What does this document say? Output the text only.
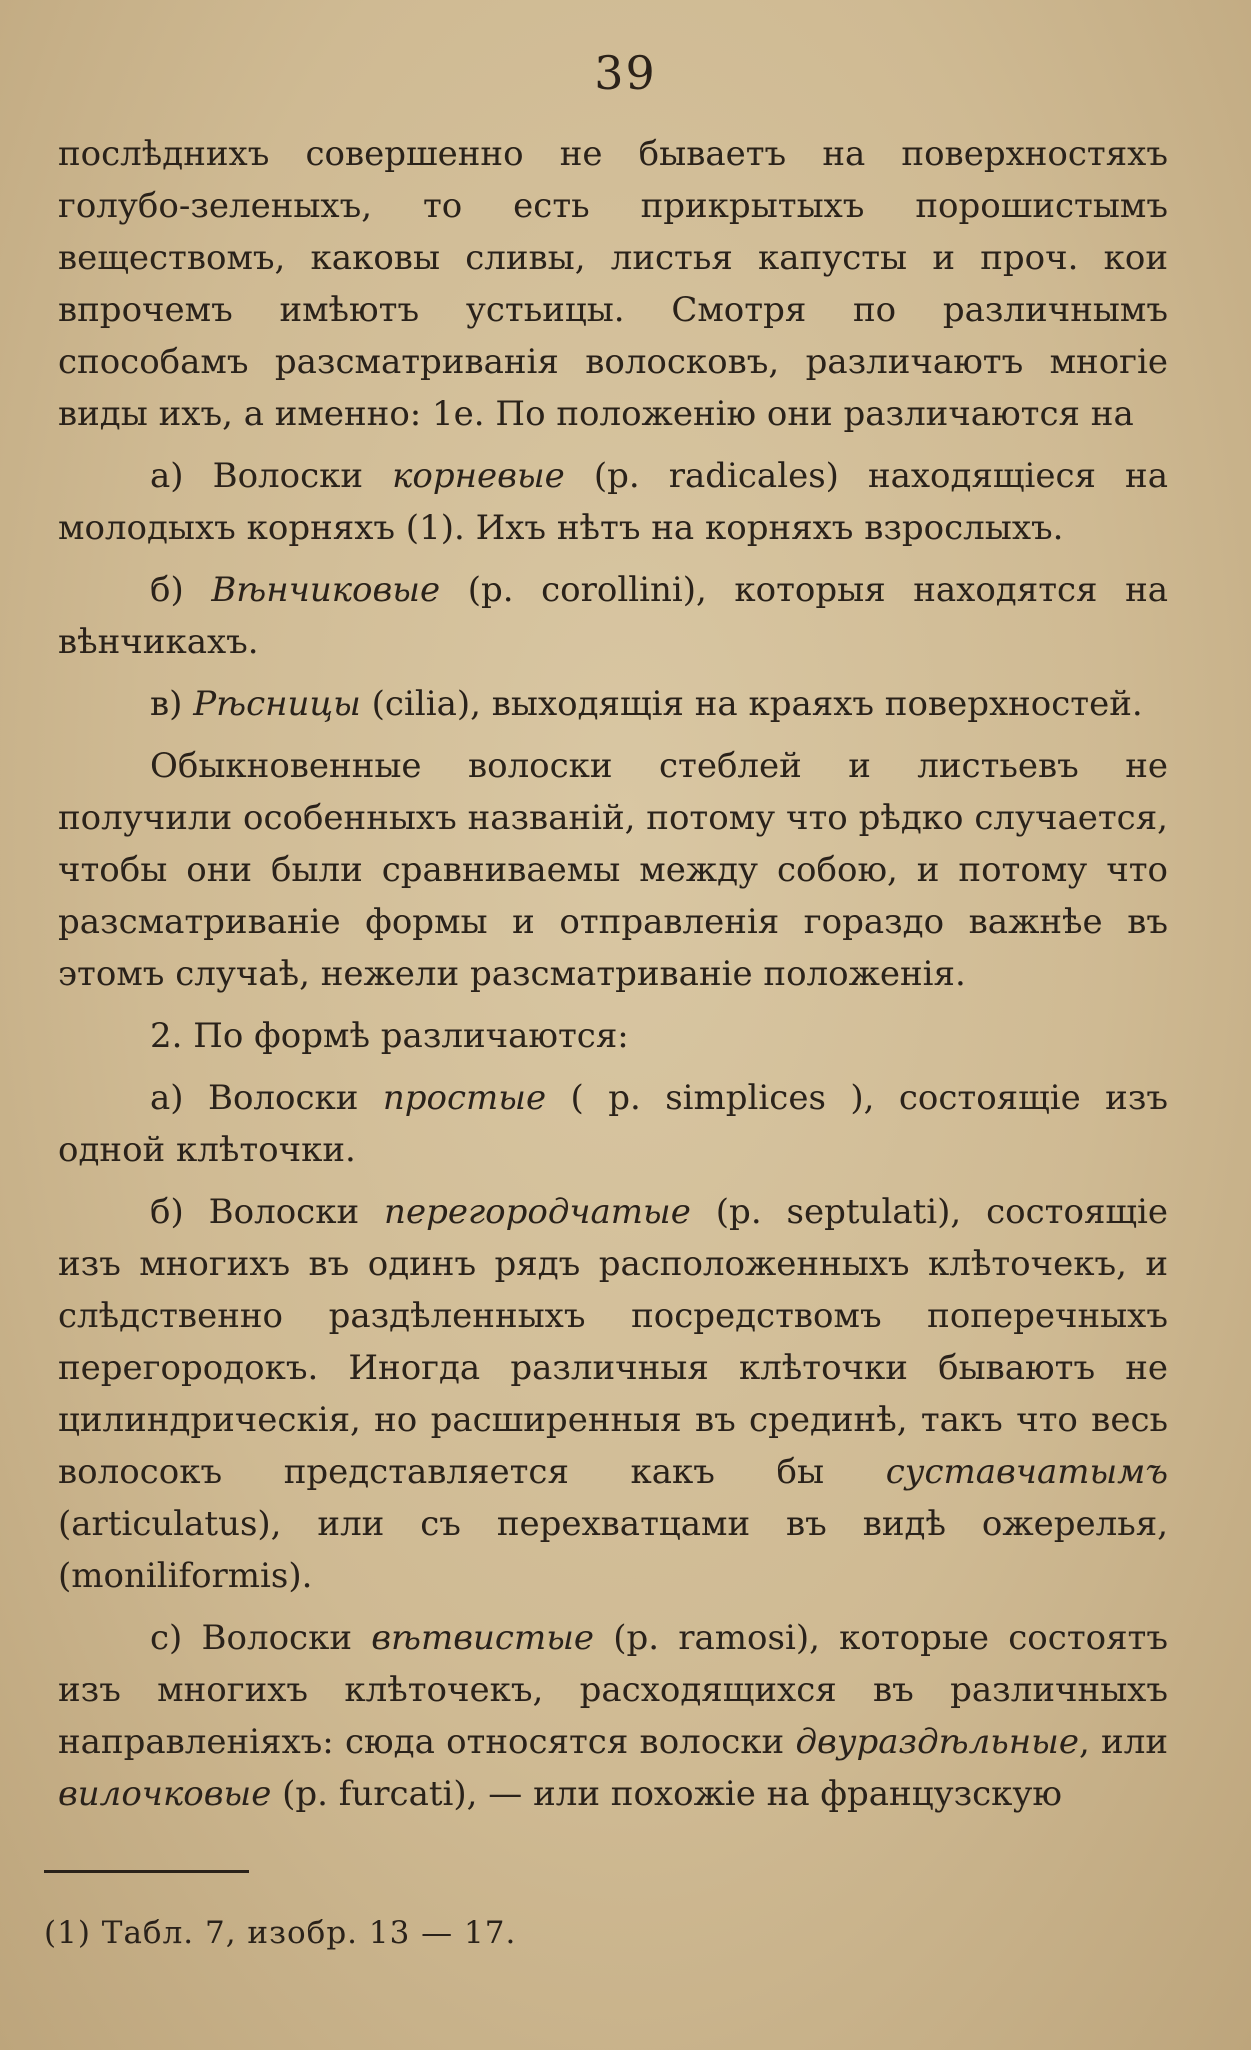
39

послѣднихъ совершенно не бываетъ на поверхностяхъ голубо-зеленыхъ, то есть прикрытыхъ порошистымъ веществомъ, каковы сливы, листья капусты и проч. кои впрочемъ имѣютъ устьицы. Смотря по различнымъ способамъ разсматриванія волосковъ, различаютъ многіе виды ихъ, а именно: 1е. По положенію они различаются на

а) Волоски корневые (p. radicales) находящіеся на молодыхъ корняхъ (1). Ихъ нѣтъ на корняхъ взрослыхъ.

б) Вѣнчиковые (p. corollini), которыя находятся на вѣнчикахъ.

в) Рѣсницы (cilia), выходящія на краяхъ поверхностей.

Обыкновенные волоски стеблей и листьевъ не получили особенныхъ названій, потому что рѣдко случается, чтобы они были сравниваемы между собою, и потому что разсматриваніе формы и отправленія гораздо важнѣе въ этомъ случаѣ, нежели разсматриваніе положенія.

2. По формѣ различаются:

а) Волоски простые ( p. simplices ), состоящіе изъ одной клѣточки.

б) Волоски перегородчатые (p. septulati), состоящіе изъ многихъ въ одинъ рядъ расположенныхъ клѣточекъ, и слѣдственно раздѣленныхъ посредствомъ поперечныхъ перегородокъ. Иногда различныя клѣточки бываютъ не цилиндрическія, но расширенныя въ срединѣ, такъ что весь волосокъ представляется какъ бы суставчатымъ (articulatus), или съ перехватцами въ видѣ ожерелья, (moniliformis).

c) Волоски вѣтвистые (p. ramosi), которые состоятъ изъ многихъ клѣточекъ, расходящихся въ различныхъ направленіяхъ: сюда относятся волоски двураздѣльные, или вилочковые (p. furcati), — или похожіе на французскую

(1) Табл. 7, изобр. 13 — 17.
